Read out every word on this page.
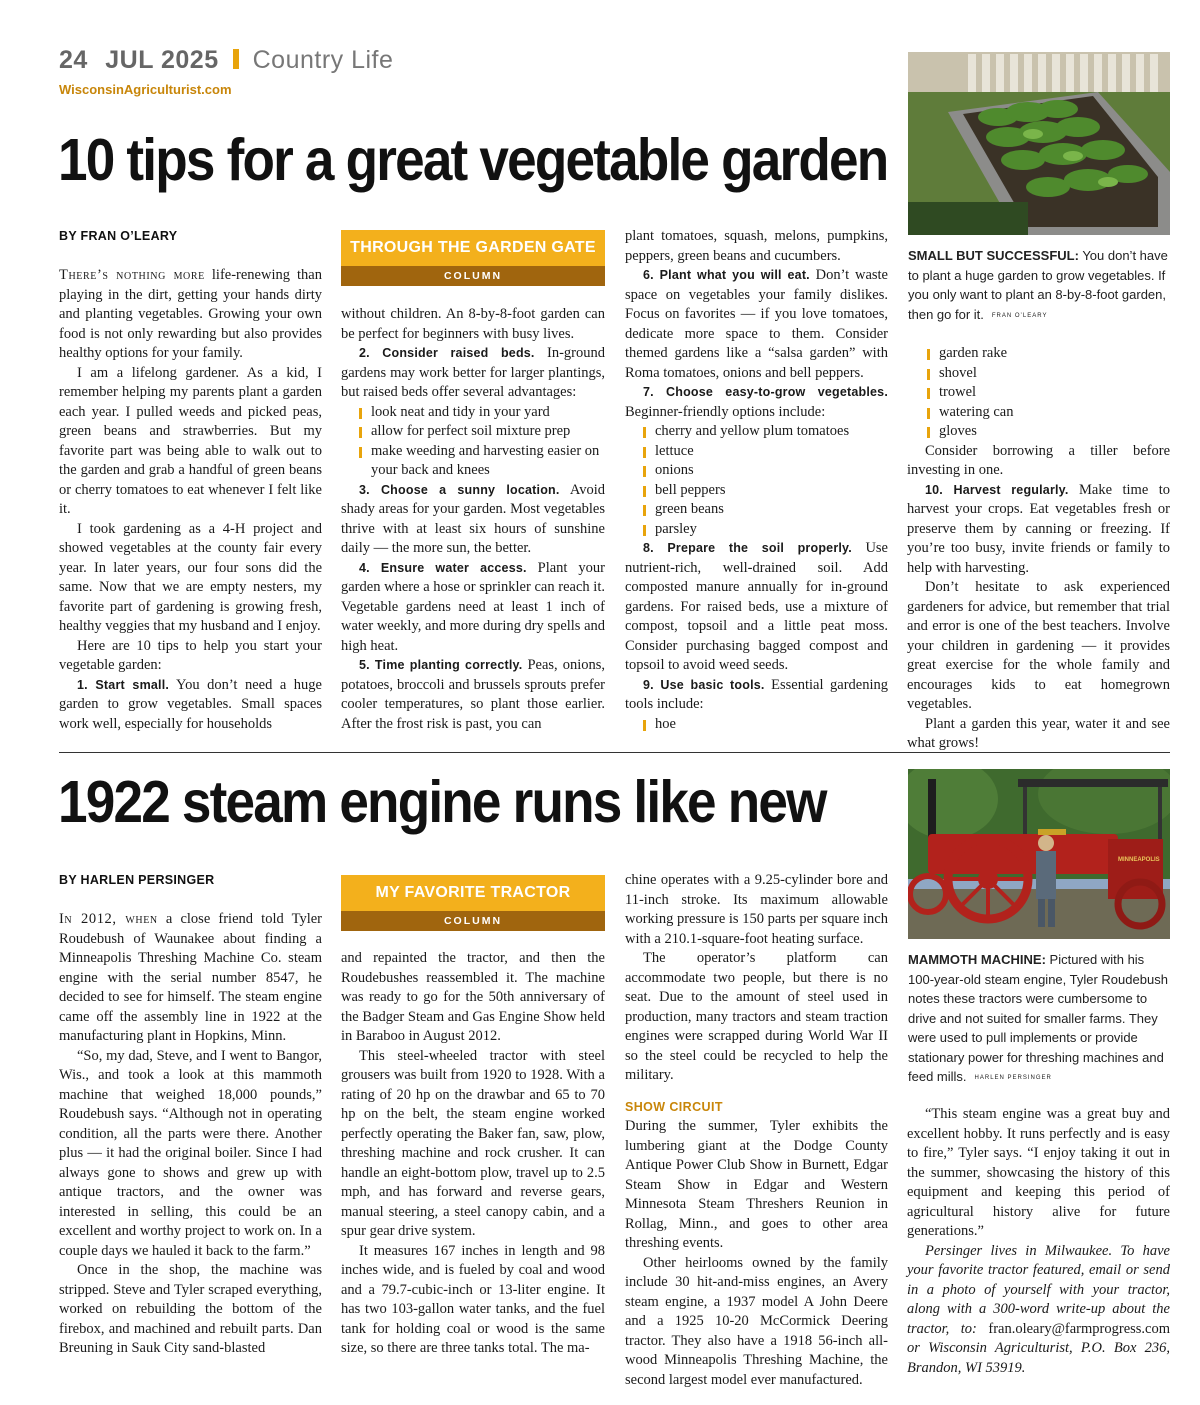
24 JUL 2025 Country Life
WisconsinAgriculturist.com
10 tips for a great vegetable garden
BY FRAN O’LEARY
THROUGH THE GARDEN GATE
COLUMN

There’s nothing more life-renewing than playing in the dirt, getting your hands dirty and planting vegetables. Growing your own food is not only rewarding but also provides healthy options for your family.

I am a lifelong gardener. As a kid, I remember helping my parents plant a garden each year. I pulled weeds and picked peas, green beans and strawberries. But my favorite part was being able to walk out to the garden and grab a handful of green beans or cherry tomatoes to eat whenever I felt like it.

I took gardening as a 4-H project and showed vegetables at the county fair every year. In later years, our four sons did the same. Now that we are empty nesters, my favorite part of gardening is growing fresh, healthy veggies that my husband and I enjoy.

Here are 10 tips to help you start your vegetable garden:

1. Start small. You don’t need a huge garden to grow vegetables. Small spaces work well, especially for households

without children. An 8-by-8-foot garden can be perfect for beginners with busy lives.

2. Consider raised beds. In-ground gardens may work better for larger plantings, but raised beds offer several advantages:

look neat and tidy in your yard
allow for perfect soil mixture prep
make weeding and harvesting easier on your back and knees

3. Choose a sunny location. Avoid shady areas for your garden. Most vegetables thrive with at least six hours of sunshine daily — the more sun, the better.

4. Ensure water access. Plant your garden where a hose or sprinkler can reach it. Vegetable gardens need at least 1 inch of water weekly, and more during dry spells and high heat.

5. Time planting correctly. Peas, onions, potatoes, broccoli and brussels sprouts prefer cooler temperatures, so plant those earlier. After the frost risk is past, you can

plant tomatoes, squash, melons, pumpkins, peppers, green beans and cucumbers.

6. Plant what you will eat. Don’t waste space on vegetables your family dislikes. Focus on favorites — if you love tomatoes, dedicate more space to them. Consider themed gardens like a “salsa garden” with Roma tomatoes, onions and bell peppers.

7. Choose easy-to-grow vegetables. Beginner-friendly options include:

cherry and yellow plum tomatoes
lettuce
onions
bell peppers
green beans
parsley

8. Prepare the soil properly. Use nutrient-rich, well-drained soil. Add composted manure annually for in-ground gardens. For raised beds, use a mixture of compost, topsoil and a little peat moss. Consider purchasing bagged compost and topsoil to avoid weed seeds.

9. Use basic tools. Essential gardening tools include:

hoe
SMALL BUT SUCCESSFUL: You don’t have to plant a huge garden to grow vegetables. If you only want to plant an 8-by-8-foot garden, then go for it. FRAN O’LEARY
garden rake
shovel
trowel
watering can
gloves

Consider borrowing a tiller before investing in one.

10. Harvest regularly. Make time to harvest your crops. Eat vegetables fresh or preserve them by canning or freezing. If you’re too busy, invite friends or family to help with harvesting.

Don’t hesitate to ask experienced gardeners for advice, but remember that trial and error is one of the best teachers. Involve your children in gardening — it provides great exercise for the whole family and encourages kids to eat homegrown vegetables.

Plant a garden this year, water it and see what grows!

1922 steam engine runs like new
BY HARLEN PERSINGER
MY FAVORITE TRACTOR
COLUMN

In 2012, when a close friend told Tyler Roudebush of Waunakee about finding a Minneapolis Threshing Machine Co. steam engine with the serial number 8547, he decided to see for himself. The steam engine came off the assembly line in 1922 at the manufacturing plant in Hopkins, Minn.

“So, my dad, Steve, and I went to Bangor, Wis., and took a look at this mammoth machine that weighed 18,000 pounds,” Roudebush says. “Although not in operating condition, all the parts were there. Another plus — it had the original boiler. Since I had always gone to shows and grew up with antique tractors, and the owner was interested in selling, this could be an excellent and worthy project to work on. In a couple days we hauled it back to the farm.”

Once in the shop, the machine was stripped. Steve and Tyler scraped everything, worked on rebuilding the bottom of the firebox, and machined and rebuilt parts. Dan Breuning in Sauk City sand-blasted

and repainted the tractor, and then the Roudebushes reassembled it. The machine was ready to go for the 50th anniversary of the Badger Steam and Gas Engine Show held in Baraboo in August 2012.

This steel-wheeled tractor with steel grousers was built from 1920 to 1928. With a rating of 20 hp on the drawbar and 65 to 70 hp on the belt, the steam engine worked perfectly operating the Baker fan, saw, plow, threshing machine and rock crusher. It can handle an eight-bottom plow, travel up to 2.5 mph, and has forward and reverse gears, manual steering, a steel canopy cabin, and a spur gear drive system.

It measures 167 inches in length and 98 inches wide, and is fueled by coal and wood and a 79.7-cubic-inch or 13-liter engine. It has two 103-gallon water tanks, and the fuel tank for holding coal or wood is the same size, so there are three tanks total. The ma-

chine operates with a 9.25-cylinder bore and 11-inch stroke. Its maximum allowable working pressure is 150 parts per square inch with a 210.1-square-foot heating surface.

The operator’s platform can accommodate two people, but there is no seat. Due to the amount of steel used in production, many tractors and steam traction engines were scrapped during World War II so the steel could be recycled to help the military.

SHOW CIRCUIT

During the summer, Tyler exhibits the lumbering giant at the Dodge County Antique Power Club Show in Burnett, Edgar Steam Show in Edgar and Western Minnesota Steam Threshers Reunion in Rollag, Minn., and goes to other area threshing events.

Other heirlooms owned by the family include 30 hit-and-miss engines, an Avery steam engine, a 1937 model A John Deere and a 1925 10-20 McCormick Deering tractor. They also have a 1918 56-inch all-wood Minneapolis Threshing Machine, the second largest model ever manufactured.

MINNEAPOLIS
MAMMOTH MACHINE: Pictured with his 100-year-old steam engine, Tyler Roudebush notes these tractors were cumbersome to drive and not suited for smaller farms. They were used to pull implements or provide stationary power for threshing machines and feed mills. HARLEN PERSINGER

“This steam engine was a great buy and excellent hobby. It runs perfectly and is easy to fire,” Tyler says. “I enjoy taking it out in the summer, showcasing the history of this equipment and keeping this period of agricultural history alive for future generations.”

Persinger lives in Milwaukee. To have your favorite tractor featured, email or send in a photo of yourself with your tractor, along with a 300-word write-up about the tractor, to: fran.oleary@farmprogress.com or Wisconsin Agriculturist, P.O. Box 236, Brandon, WI 53919.
